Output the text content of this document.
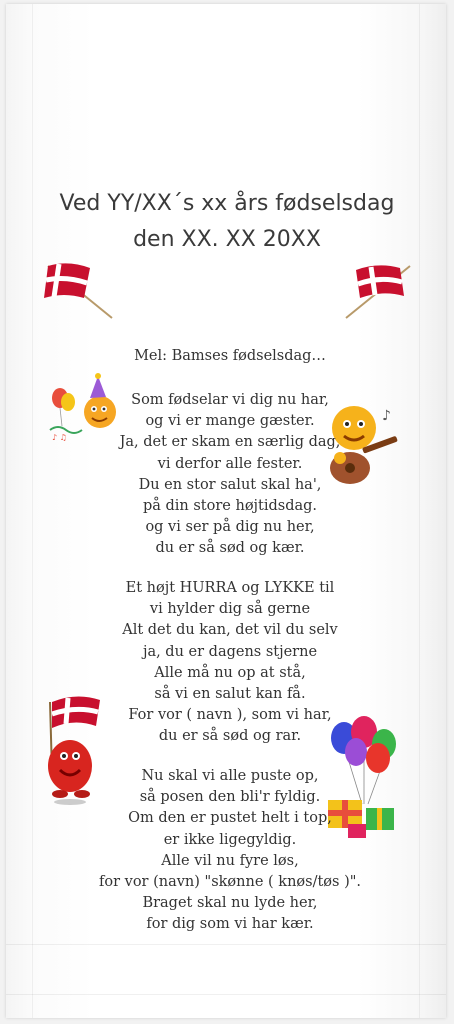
Ved YY/XX´s xx års fødselsdag
den XX. XX 20XX
♪ ♫
♪
Mel: Bamses fødselsdag…
Som fødselar vi dig nu har,
og vi er mange gæster.
Ja, det er skam en særlig dag,
vi derfor alle fester.
Du en stor salut skal ha',
på din store højtidsdag.
og vi ser på dig nu her,
du er så sød og kær.
Et højt HURRA og LYKKE til
vi hylder dig så gerne
Alt det du kan, det vil du selv
ja, du er dagens stjerne
Alle må nu op at stå,
så vi en salut kan få.
For vor ( navn ), som vi har,
du er så sød og rar.
Nu skal vi alle puste op,
så posen den bli'r fyldig.
Om den er pustet helt i top,
er ikke ligegyldig.
Alle vil nu fyre løs,
for vor (navn) "skønne ( knøs/tøs )".
Braget skal nu lyde her,
for dig som vi har kær.
